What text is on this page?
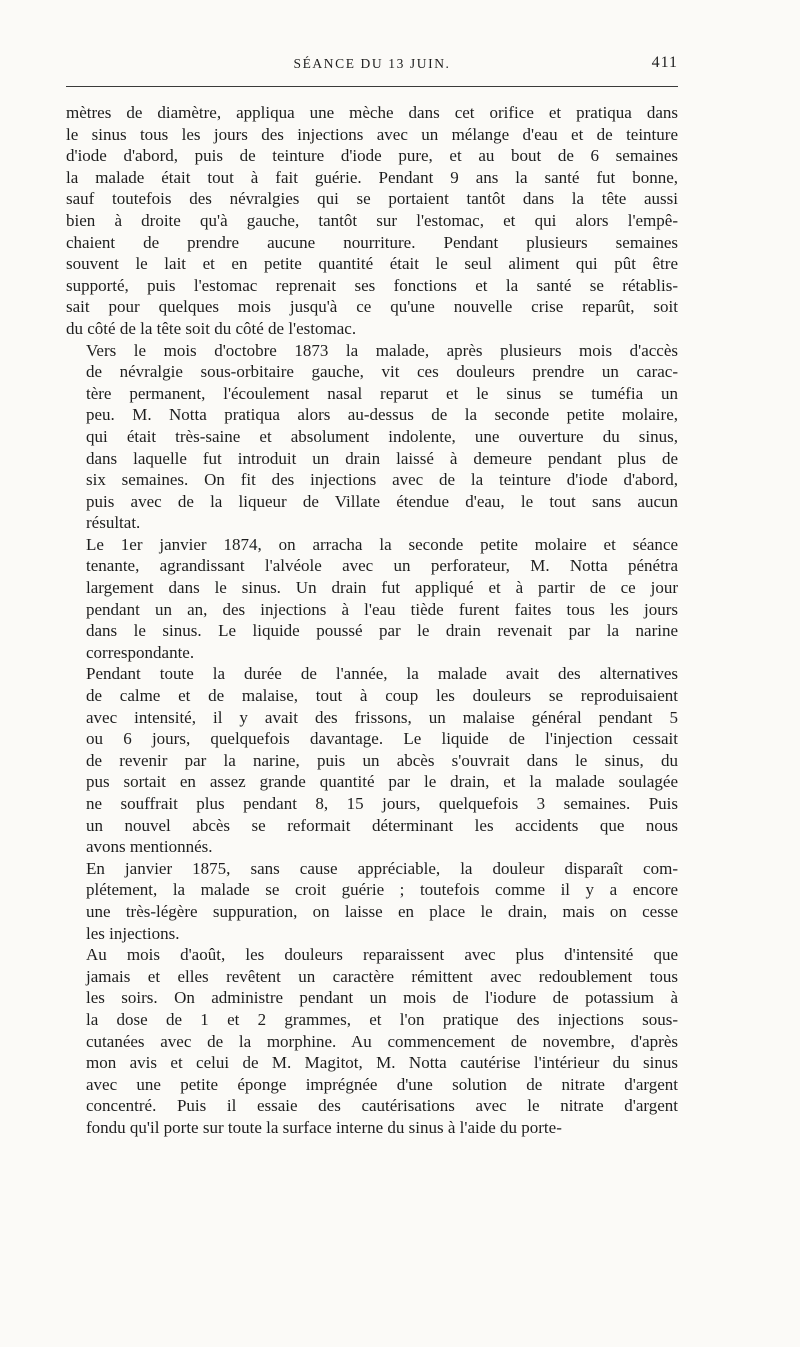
SÉANCE DU 13 JUIN.	411

mètres de diamètre, appliqua une mèche dans cet orifice et pratiqua dans
le sinus tous les jours des injections avec un mélange d'eau et de teinture
d'iode d'abord, puis de teinture d'iode pure, et au bout de 6 semaines
la malade était tout à fait guérie. Pendant 9 ans la santé fut bonne,
sauf toutefois des névralgies qui se portaient tantôt dans la tête aussi
bien à droite qu'à gauche, tantôt sur l'estomac, et qui alors l'empê-
chaient de prendre aucune nourriture. Pendant plusieurs semaines
souvent le lait et en petite quantité était le seul aliment qui pût être
supporté, puis l'estomac reprenait ses fonctions et la santé se rétablis-
sait pour quelques mois jusqu'à ce qu'une nouvelle crise reparût, soit
du côté de la tête soit du côté de l'estomac.

Vers le mois d'octobre 1873 la malade, après plusieurs mois d'accès
de névralgie sous-orbitaire gauche, vit ces douleurs prendre un carac-
tère permanent, l'écoulement nasal reparut et le sinus se tuméfia un
peu. M. Notta pratiqua alors au-dessus de la seconde petite molaire,
qui était très-saine et absolument indolente, une ouverture du sinus,
dans laquelle fut introduit un drain laissé à demeure pendant plus de
six semaines. On fit des injections avec de la teinture d'iode d'abord,
puis avec de la liqueur de Villate étendue d'eau, le tout sans aucun
résultat.

Le 1er janvier 1874, on arracha la seconde petite molaire et séance
tenante, agrandissant l'alvéole avec un perforateur, M. Notta pénétra
largement dans le sinus. Un drain fut appliqué et à partir de ce jour
pendant un an, des injections à l'eau tiède furent faites tous les jours
dans le sinus. Le liquide poussé par le drain revenait par la narine
correspondante.

Pendant toute la durée de l'année, la malade avait des alternatives
de calme et de malaise, tout à coup les douleurs se reproduisaient
avec intensité, il y avait des frissons, un malaise général pendant 5
ou 6 jours, quelquefois davantage. Le liquide de l'injection cessait
de revenir par la narine, puis un abcès s'ouvrait dans le sinus, du
pus sortait en assez grande quantité par le drain, et la malade soulagée
ne souffrait plus pendant 8, 15 jours, quelquefois 3 semaines. Puis
un nouvel abcès se reformait déterminant les accidents que nous
avons mentionnés.

En janvier 1875, sans cause appréciable, la douleur disparaît com-
plétement, la malade se croit guérie ; toutefois comme il y a encore
une très-légère suppuration, on laisse en place le drain, mais on cesse
les injections.

Au mois d'août, les douleurs reparaissent avec plus d'intensité que
jamais et elles revêtent un caractère rémittent avec redoublement tous
les soirs. On administre pendant un mois de l'iodure de potassium à
la dose de 1 et 2 grammes, et l'on pratique des injections sous-
cutanées avec de la morphine. Au commencement de novembre, d'après
mon avis et celui de M. Magitot, M. Notta cautérise l'intérieur du sinus
avec une petite éponge imprégnée d'une solution de nitrate d'argent
concentré. Puis il essaie des cautérisations avec le nitrate d'argent
fondu qu'il porte sur toute la surface interne du sinus à l'aide du porte-
